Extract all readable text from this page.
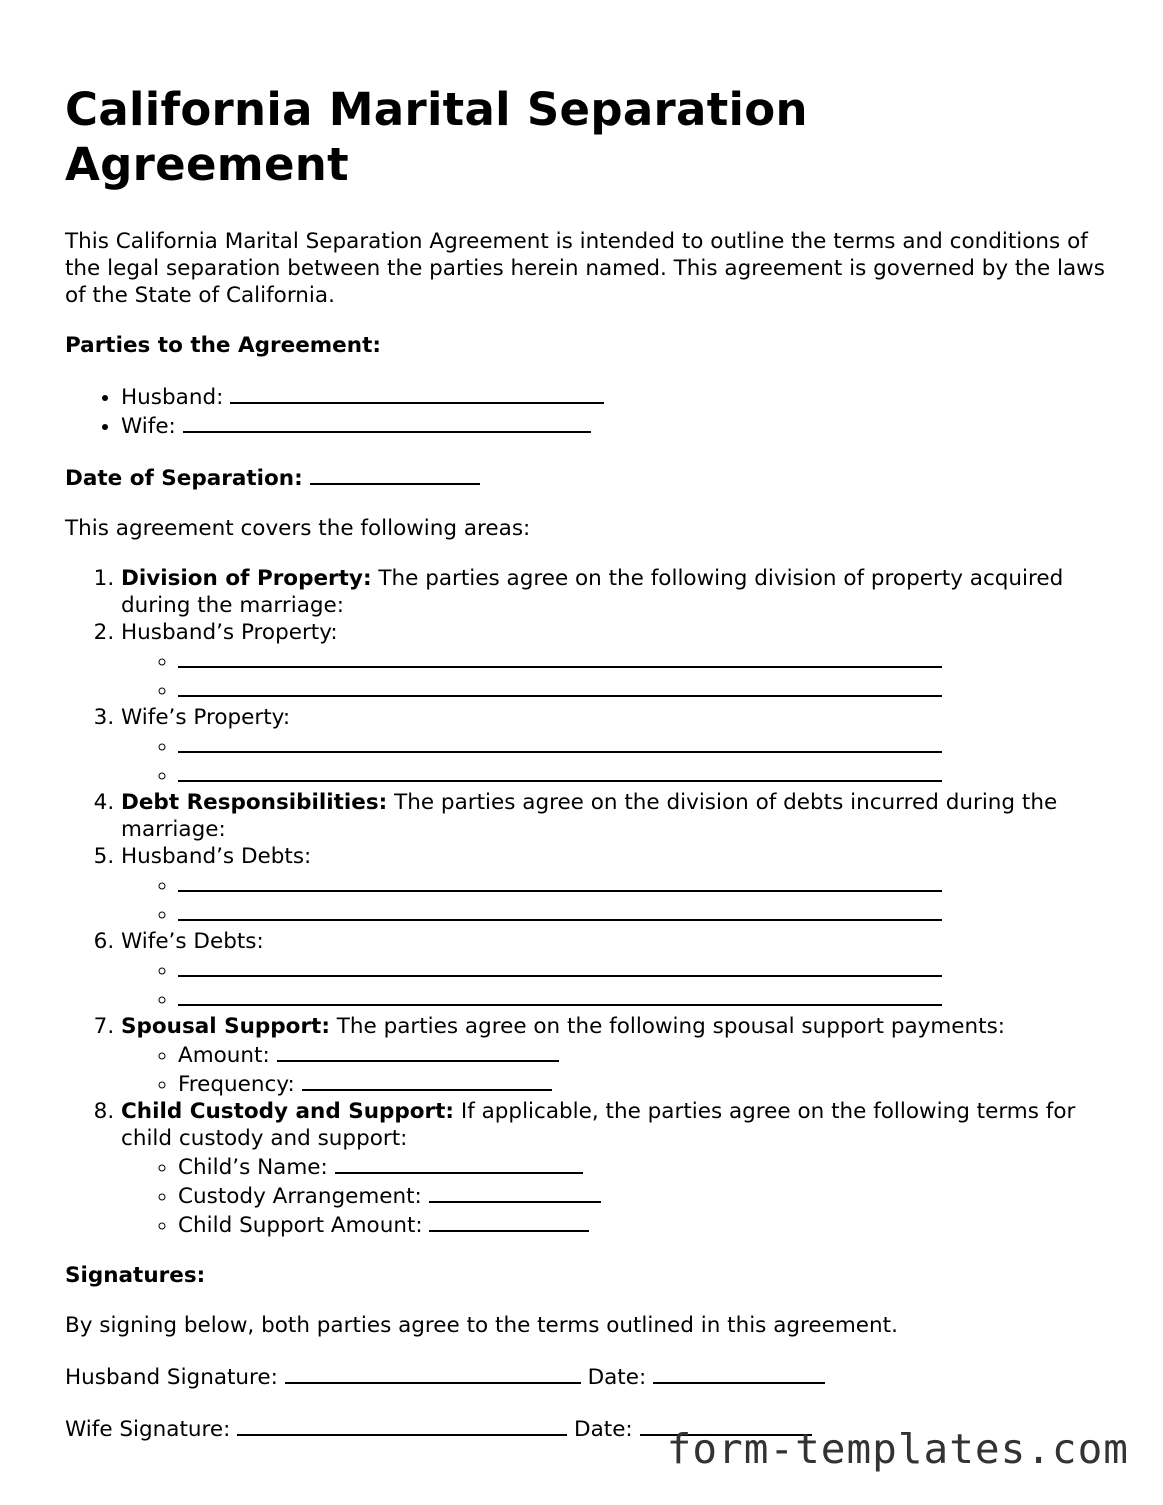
California Marital Separation Agreement

This California Marital Separation Agreement is intended to outline the terms and conditions of the legal separation between the parties herein named. This agreement is governed by the laws of the State of California.

Parties to the Agreement:

• Husband:
• Wife:

Date of Separation:

This agreement covers the following areas:

1. Division of Property: The parties agree on the following division of property acquired during the marriage:
2. Husband’s Property:
◦
◦
3. Wife’s Property:
◦
◦
4. Debt Responsibilities: The parties agree on the division of debts incurred during the marriage:
5. Husband’s Debts:
◦
◦
6. Wife’s Debts:
◦
◦
7. Spousal Support: The parties agree on the following spousal support payments:
◦ Amount:
◦ Frequency:
8. Child Custody and Support: If applicable, the parties agree on the following terms for child custody and support:
◦ Child’s Name:
◦ Custody Arrangement:
◦ Child Support Amount:

Signatures:

By signing below, both parties agree to the terms outlined in this agreement.

Husband Signature:	Date:

Wife Signature:	Date: form-templates.com
